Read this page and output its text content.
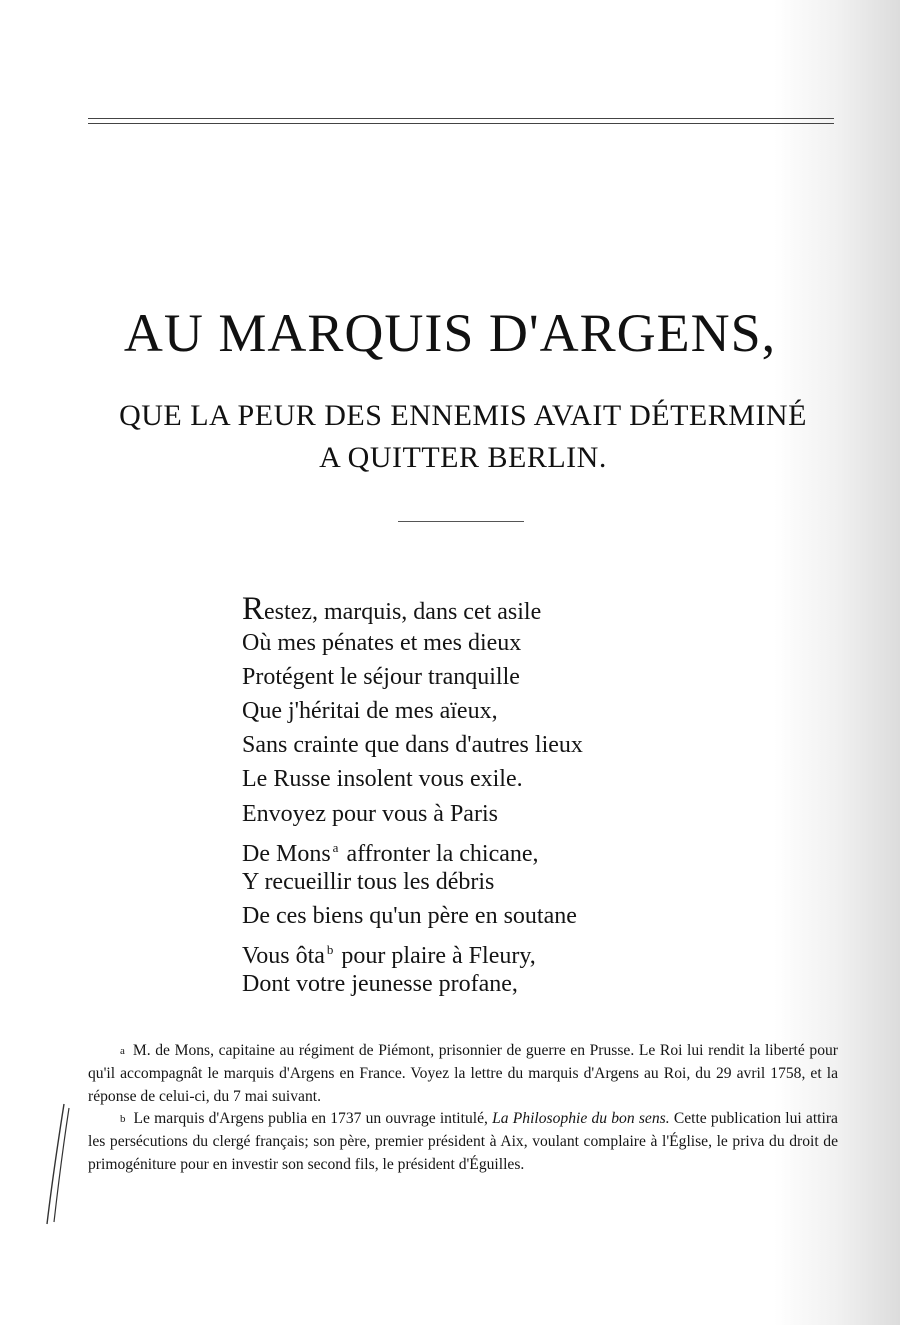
AU MARQUIS D'ARGENS,
QUE LA PEUR DES ENNEMIS AVAIT DÉTERMINÉ
A QUITTER BERLIN.
Restez, marquis, dans cet asile
Où mes pénates et mes dieux
Protégent le séjour tranquille
Que j'héritai de mes aïeux,
Sans crainte que dans d'autres lieux
Le Russe insolent vous exile.
Envoyez pour vous à Paris
De Mons $^a$ affronter la chicane,
Y recueillir tous les débris
De ces biens qu'un père en soutane
Vous ôta $^b$ pour plaire à Fleury,
Dont votre jeunesse profane,

a M. de Mons, capitaine au régiment de Piémont, prisonnier de guerre en Prusse. Le Roi lui rendit la liberté pour qu'il accompagnât le marquis d'Argens en France. Voyez la lettre du marquis d'Argens au Roi, du 29 avril 1758, et la réponse de celui-ci, du 7 mai suivant.

b Le marquis d'Argens publia en 1737 un ouvrage intitulé, La Philosophie du bon sens. Cette publication lui attira les persécutions du clergé français; son père, premier président à Aix, voulant complaire à l'Église, le priva du droit de primogéniture pour en investir son second fils, le président d'Éguilles.
